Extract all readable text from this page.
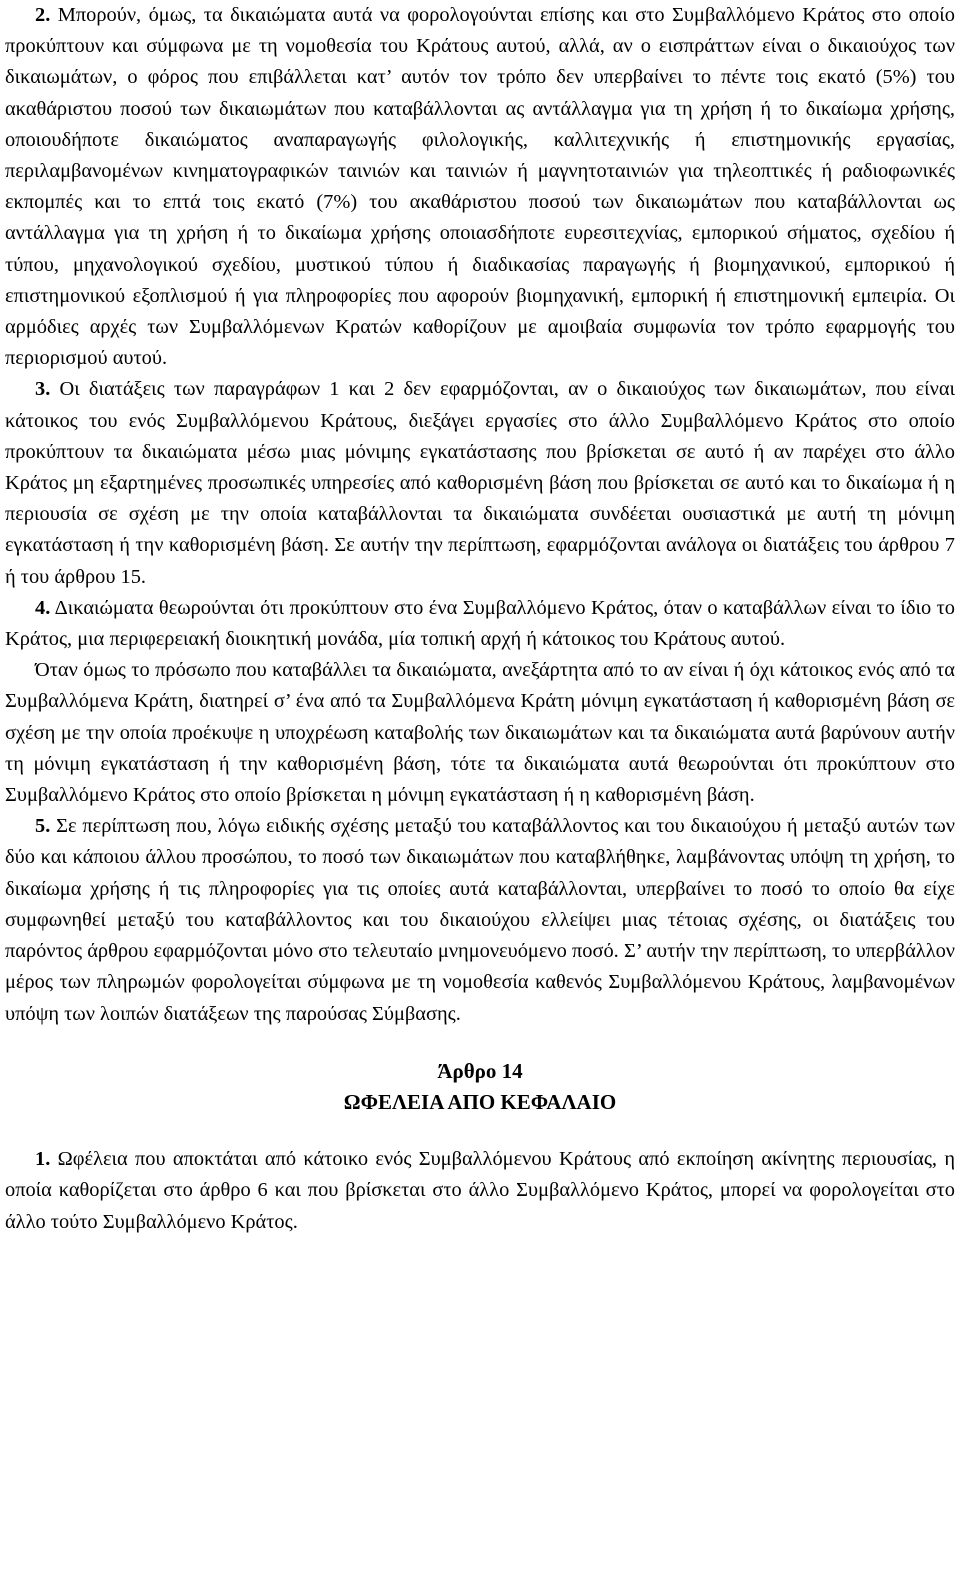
2. Μπορούν, όμως, τα δικαιώματα αυτά να φορολογούνται επίσης και στο Συμβαλλόμενο Κράτος στο οποίο προκύπτουν και σύμφωνα με τη νομοθεσία του Κράτους αυτού, αλλά, αν ο εισπράττων είναι ο δικαιούχος των δικαιωμάτων, ο φόρος που επιβάλλεται κατ’ αυτόν τον τρόπο δεν υπερβαίνει το πέντε τοις εκατό (5%) του ακαθάριστου ποσού των δικαιωμάτων που καταβάλλονται ας αντάλλαγμα για τη χρήση ή το δικαίωμα χρήσης, οποιουδήποτε δικαιώματος αναπαραγωγής φιλολογικής, καλλιτεχνικής ή επιστημονικής εργασίας, περιλαμβανομένων κινηματογραφικών ταινιών και ταινιών ή μαγνητοταινιών για τηλεοπτικές ή ραδιοφωνικές εκπομπές και το επτά τοις εκατό (7%) του ακαθάριστου ποσού των δικαιωμάτων που καταβάλλονται ως αντάλλαγμα για τη χρήση ή το δικαίωμα χρήσης οποιασδήποτε ευρεσιτεχνίας, εμπορικού σήματος, σχεδίου ή τύπου, μηχανολογικού σχεδίου, μυστικού τύπου ή διαδικασίας παραγωγής ή βιομηχανικού, εμπορικού ή επιστημονικού εξοπλισμού ή για πληροφορίες που αφορούν βιομηχανική, εμπορική ή επιστημονική εμπειρία. Οι αρμόδιες αρχές των Συμβαλλόμενων Κρατών καθορίζουν με αμοιβαία συμφωνία τον τρόπο εφαρμογής του περιορισμού αυτού.

3. Οι διατάξεις των παραγράφων 1 και 2 δεν εφαρμόζονται, αν ο δικαιούχος των δικαιωμάτων, που είναι κάτοικος του ενός Συμβαλλόμενου Κράτους, διεξάγει εργασίες στο άλλο Συμβαλλόμενο Κράτος στο οποίο προκύπτουν τα δικαιώματα μέσω μιας μόνιμης εγκατάστασης που βρίσκεται σε αυτό ή αν παρέχει στο άλλο Κράτος μη εξαρτημένες προσωπικές υπηρεσίες από καθορισμένη βάση που βρίσκεται σε αυτό και το δικαίωμα ή η περιουσία σε σχέση με την οποία καταβάλλονται τα δικαιώματα συνδέεται ουσιαστικά με αυτή τη μόνιμη εγκατάσταση ή την καθορισμένη βάση. Σε αυτήν την περίπτωση, εφαρμόζονται ανάλογα οι διατάξεις του άρθρου 7 ή του άρθρου 15.

4. Δικαιώματα θεωρούνται ότι προκύπτουν στο ένα Συμβαλλόμενο Κράτος, όταν ο καταβάλλων είναι το ίδιο το Κράτος, μια περιφερειακή διοικητική μονάδα, μία τοπική αρχή ή κάτοικος του Κράτους αυτού.

Όταν όμως το πρόσωπο που καταβάλλει τα δικαιώματα, ανεξάρτητα από το αν είναι ή όχι κάτοικος ενός από τα Συμβαλλόμενα Κράτη, διατηρεί σ’ ένα από τα Συμβαλλόμενα Κράτη μόνιμη εγκατάσταση ή καθορισμένη βάση σε σχέση με την οποία προέκυψε η υποχρέωση καταβολής των δικαιωμάτων και τα δικαιώματα αυτά βαρύνουν αυτήν τη μόνιμη εγκατάσταση ή την καθορισμένη βάση, τότε τα δικαιώματα αυτά θεωρούνται ότι προκύπτουν στο Συμβαλλόμενο Κράτος στο οποίο βρίσκεται η μόνιμη εγκατάσταση ή η καθορισμένη βάση.

5. Σε περίπτωση που, λόγω ειδικής σχέσης μεταξύ του καταβάλλοντος και του δικαιούχου ή μεταξύ αυτών των δύο και κάποιου άλλου προσώπου, το ποσό των δικαιωμάτων που καταβλήθηκε, λαμβάνοντας υπόψη τη χρήση, το δικαίωμα χρήσης ή τις πληροφορίες για τις οποίες αυτά καταβάλλονται, υπερβαίνει το ποσό το οποίο θα είχε συμφωνηθεί μεταξύ του καταβάλλοντος και του δικαιούχου ελλείψει μιας τέτοιας σχέσης, οι διατάξεις του παρόντος άρθρου εφαρμόζονται μόνο στο τελευταίο μνημονευόμενο ποσό. Σ’ αυτήν την περίπτωση, το υπερβάλλον μέρος των πληρωμών φορολογείται σύμφωνα με τη νομοθεσία καθενός Συμβαλλόμενου Κράτους, λαμβανομένων υπόψη των λοιπών διατάξεων της παρούσας Σύμβασης.

Άρθρο 14

ΩΦΕΛΕΙΑ ΑΠΟ ΚΕΦΑΛΑΙΟ

1. Ωφέλεια που αποκτάται από κάτοικο ενός Συμβαλλόμενου Κράτους από εκποίηση ακίνητης περιουσίας, η οποία καθορίζεται στο άρθρο 6 και που βρίσκεται στο άλλο Συμβαλλόμενο Κράτος, μπορεί να φορολογείται στο άλλο τούτο Συμβαλλόμενο Κράτος.
